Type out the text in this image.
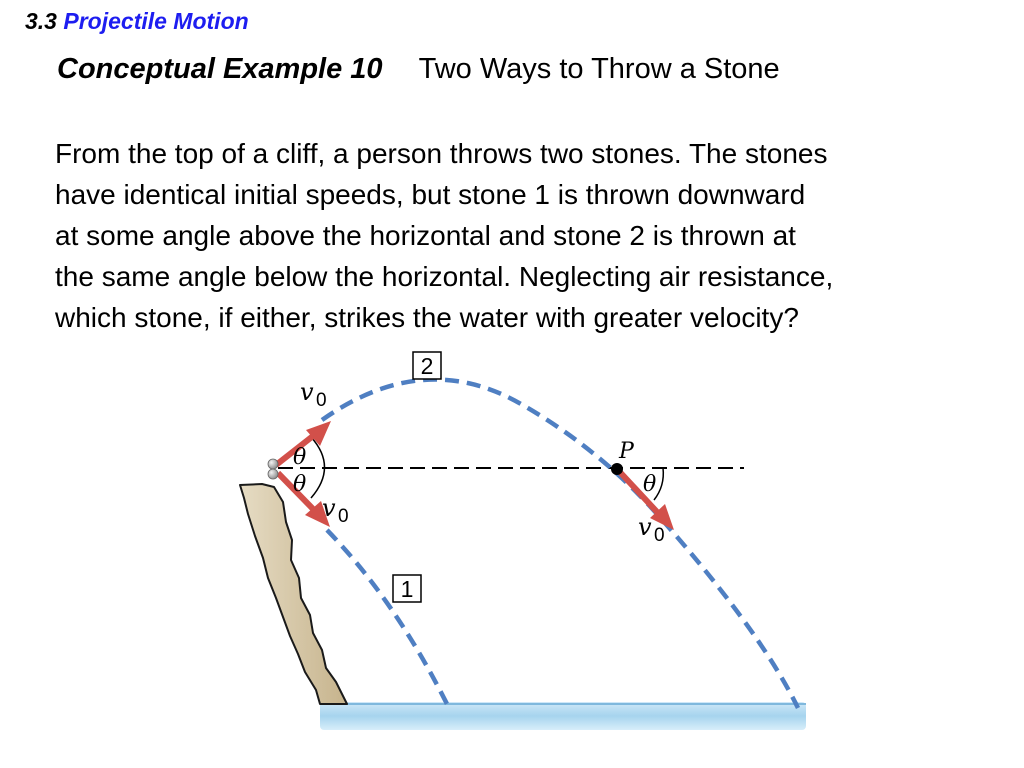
3.3 Projectile Motion
Conceptual Example 10 Two Ways to Throw a Stone

From the top of a cliff, a person throws two stones. The stones
have identical initial speeds, but stone 1 is thrown downward
at some angle above the horizontal and stone 2 is thrown at
the same angle below the horizontal. Neglecting air resistance,
which stone, if either, strikes the water with greater velocity?

2
1
v 0
v 0	v 0
θ
θ	θ
P
